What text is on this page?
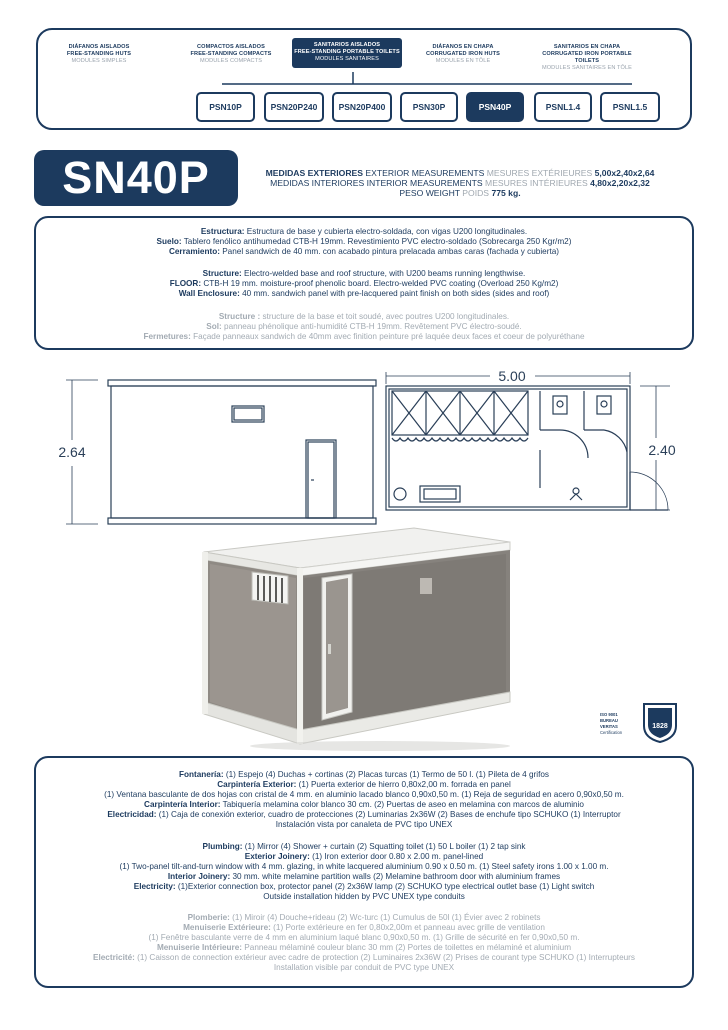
DIÁFANOS AISLADOS
FREE-STANDING HUTS
MODULES SIMPLES
COMPACTOS AISLADOS
FREE-STANDING COMPACTS
MODULES COMPACTS
SANITARIOS AISLADOS
FREE-STANDING PORTABLE TOILETS
MODULES SANITAIRES
DIÁFANOS EN CHAPA
CORRUGATED IRON HUTS
MODULES EN TÔLE
SANITARIOS EN CHAPA
CORRUGATED IRON PORTABLE TOILETS
MODULES SANITAIRES EN TÔLE
PSN10P	PSN20P240	PSN20P400	PSN30P	PSN40P	PSNL1.4	PSNL1.5
SN40P	MEDIDAS EXTERIORES EXTERIOR MEASUREMENTS MESURES EXTÉRIEURES 5,00x2,40x2,64
MEDIDAS INTERIORES INTERIOR MEASUREMENTS MESURES INTÉRIEURES 4,80x2,20x2,32
PESO WEIGHT POIDS 775 kg.
Estructura: Estructura de base y cubierta electro-soldada, con vigas U200 longitudinales.
Suelo: Tablero fenólico antihumedad CTB-H 19mm. Revestimiento PVC electro-soldado (Sobrecarga 250 Kgr/m2)
Cerramiento: Panel sandwich de 40 mm. con acabado pintura prelacada ambas caras (fachada y cubierta)
Structure: Electro-welded base and roof structure, with U200 beams running lengthwise.
FLOOR: CTB-H 19 mm. moisture-proof phenolic board. Electro-welded PVC coating (Overload 250 Kg/m2)
Wall Enclosure: 40 mm. sandwich panel with pre-lacquered paint finish on both sides (sides and roof)
Structure : structure de la base et toit soudé, avec poutres U200 longitudinales.
Sol: panneau phénolique anti-humidité CTB-H 19mm. Revêtement PVC électro-soudé.
Fermetures: Façade panneaux sandwich de 40mm avec finition peinture pré laquée deux faces et coeur de polyuréthane
2.64
5.00
2.40
ISO 9001
BUREAU VERITAS
Certification
1828
Fontanería: (1) Espejo (4) Duchas + cortinas (2) Placas turcas (1) Termo de 50 l. (1) Pileta de 4 grifos
Carpintería Exterior: (1) Puerta exterior de hierro 0,80x2,00 m. forrada en panel
(1) Ventana basculante de dos hojas con cristal de 4 mm. en aluminio lacado blanco 0,90x0,50 m. (1) Reja de seguridad en acero 0,90x0,50 m.
Carpintería Interior: Tabiquería melamina color blanco 30 cm. (2) Puertas de aseo en melamina con marcos de aluminio
Electricidad: (1) Caja de conexión exterior, cuadro de protecciones (2) Luminarias 2x36W (2) Bases de enchufe tipo SCHUKO (1) Interruptor
Instalación vista por canaleta de PVC tipo UNEX
Plumbing: (1) Mirror (4) Shower + curtain (2) Squatting toilet (1) 50 L boiler (1) 2 tap sink
Exterior Joinery: (1) Iron exterior door 0.80 x 2.00 m. panel-lined
(1) Two-panel tilt-and-turn window with 4 mm. glazing, in white lacquered aluminium 0.90 x 0.50 m. (1) Steel safety irons 1.00 x 1.00 m.
Interior Joinery: 30 mm. white melamine partition walls (2) Melamine bathroom door with aluminium frames
Electricity: (1)Exterior connection box, protector panel (2) 2x36W lamp (2) SCHUKO type electrical outlet base (1) Light switch
Outside installation hidden by PVC UNEX type conduits
Plomberie: (1) Miroir (4) Douche+rideau (2) Wc-turc (1) Cumulus de 50l (1) Évier avec 2 robinets
Menuiserie Extérieure: (1) Porte extérieure en fer 0,80x2,00m et panneau avec grille de ventilation
(1) Fenêtre basculante verre de 4 mm en aluminium laqué blanc 0,90x0,50 m. (1) Grille de sécurité en fer 0,90x0,50 m.
Menuiserie Intérieure: Panneau mélaminé couleur blanc 30 mm (2) Portes de toilettes en mélaminé et aluminium
Electricité: (1) Caisson de connection extérieur avec cadre de protection (2) Luminaires 2x36W (2) Prises de courant type SCHUKO (1) Interrupteurs
Installation visible par conduit de PVC type UNEX
